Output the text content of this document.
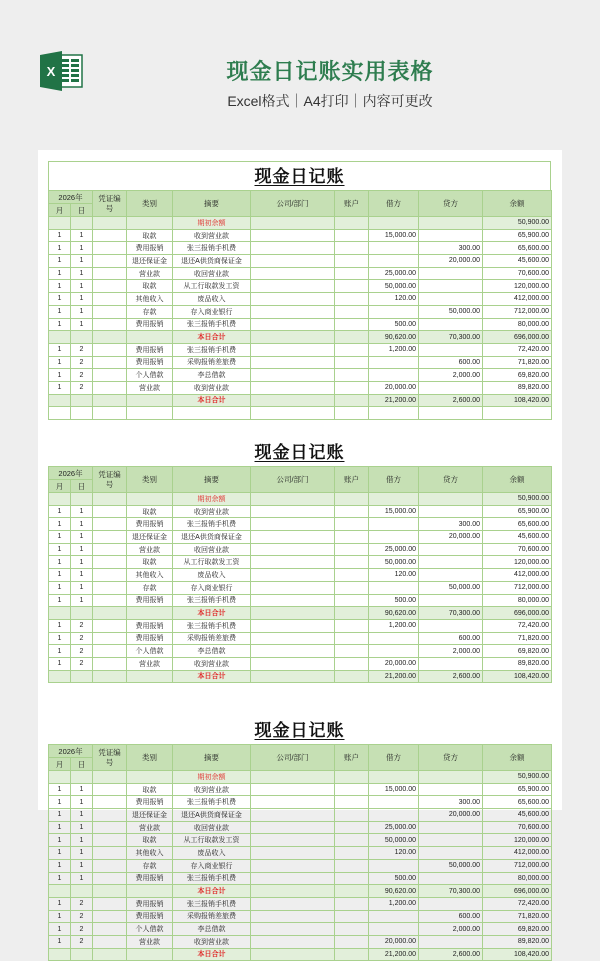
X	现金日记账实用表格
Excel格式｜A4打印｜内容可更改
现金日记账
2026年		凭证编号	类别	摘要	公司/部门	账户	借方	贷方	余额
月	日								
				期初余额					50,900.00
1	1		取款	收到营业款			15,000.00		65,900.00
1	1		费用报销	张三报销手机费				300.00	65,600.00
1	1		退还保证金	退还A供货商保证金				20,000.00	45,600.00
1	1		营业款	收回营业款			25,000.00		70,600.00
1	1		取款	从工行取款发工资			50,000.00		120,000.00
1	1		其他收入	废品收入			120.00		412,000.00
1	1		存款	存入商业银行				50,000.00	712,000.00
1	1		费用报销	张三报销手机费			500.00		80,000.00
				本日合计			90,620.00	70,300.00	696,000.00
1	2		费用报销	张三报销手机费			1,200.00		72,420.00
1	2		费用报销	采购报销差旅费				600.00	71,820.00
1	2		个人借款	李总借款				2,000.00	69,820.00
1	2		营业款	收到营业款			20,000.00		89,820.00
				本日合计			21,200.00	2,600.00	108,420.00

现金日记账
2026年		凭证编号	类别	摘要	公司/部门	账户	借方	贷方	余额
月	日								
				期初余额					50,900.00
1	1		取款	收到营业款			15,000.00		65,900.00
1	1		费用报销	张三报销手机费				300.00	65,600.00
1	1		退还保证金	退还A供货商保证金				20,000.00	45,600.00
1	1		营业款	收回营业款			25,000.00		70,600.00
1	1		取款	从工行取款发工资			50,000.00		120,000.00
1	1		其他收入	废品收入			120.00		412,000.00
1	1		存款	存入商业银行				50,000.00	712,000.00
1	1		费用报销	张三报销手机费			500.00		80,000.00
				本日合计			90,620.00	70,300.00	696,000.00
1	2		费用报销	张三报销手机费			1,200.00		72,420.00
1	2		费用报销	采购报销差旅费				600.00	71,820.00
1	2		个人借款	李总借款				2,000.00	69,820.00
1	2		营业款	收到营业款			20,000.00		89,820.00
				本日合计			21,200.00	2,600.00	108,420.00
现金日记账
2026年		凭证编号	类别	摘要	公司/部门	账户	借方	贷方	余额
月	日								
				期初余额					50,900.00
1	1		取款	收到营业款			15,000.00		65,900.00
1	1		费用报销	张三报销手机费				300.00	65,600.00
1	1		退还保证金	退还A供货商保证金				20,000.00	45,600.00
1	1		营业款	收回营业款			25,000.00		70,600.00
1	1		取款	从工行取款发工资			50,000.00		120,000.00
1	1		其他收入	废品收入			120.00		412,000.00
1	1		存款	存入商业银行				50,000.00	712,000.00
1	1		费用报销	张三报销手机费			500.00		80,000.00
				本日合计			90,620.00	70,300.00	696,000.00
1	2		费用报销	张三报销手机费			1,200.00		72,420.00
1	2		费用报销	采购报销差旅费				600.00	71,820.00
1	2		个人借款	李总借款				2,000.00	69,820.00
1	2		营业款	收到营业款			20,000.00		89,820.00
				本日合计			21,200.00	2,600.00	108,420.00
